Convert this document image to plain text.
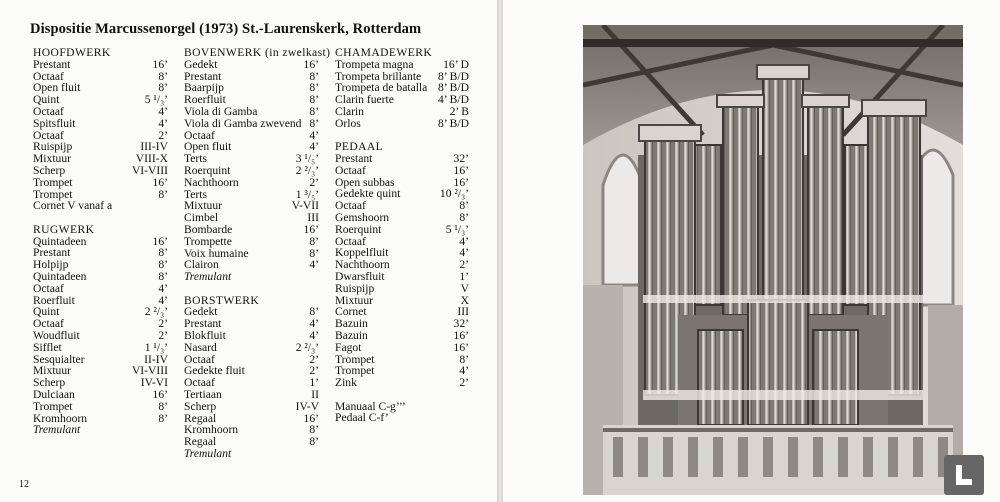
Dispositie Marcussenorgel (1973) St.-Laurenskerk, Rotterdam
HOOFDWERK
Prestant	16’
Octaaf	8’
Open fluit	8’
Quint	5 ¹/₃’
Octaaf	4’
Spitsfluit	4’
Octaaf	2’
Ruispijp	III-IV
Mixtuur	VIII-X
Scherp	VI-VIII
Trompet	16’
Trompet	8’
Cornet V vanaf a
RUGWERK
Quintadeen	16’
Prestant	8’
Holpijp	8’
Quintadeen	8’
Octaaf	4’
Roerfluit	4’
Quint	2 ²/₃’
Octaaf	2’
Woudfluit	2’
Sifflet	1 ¹/₃’
Sesquialter	II-IV
Mixtuur	VI-VIII
Scherp	IV-VI
Dulciaan	16’
Trompet	8’
Kromhoorn	8’
Tremulant
BOVENWERK (in zwelkast)
Gedekt	16’
Prestant	8’
Baarpijp	8’
Roerfluit	8’
Viola di Gamba	8’
Viola di Gamba zwevend 8’
Octaaf	4’
Open fluit	4’
Terts	3 ¹/₅’
Roerquint	2 ²/₃’
Nachthoorn	2’
Terts	1 ³/₅’
Mixtuur	V-VII
Cimbel	III
Bombarde	16’
Trompette	8’
Voix humaine	8’
Clairon	4’
Tremulant
BORSTWERK
Gedekt	8’
Prestant	4’
Blokfluit	4’
Nasard	2 ²/₃’
Octaaf	2’
Gedekte fluit	2’
Octaaf	1’
Tertiaan	II
Scherp	IV-V
Regaal	16’
Kromhoorn	8’
Regaal	8’
Tremulant
CHAMADEWERK
Trompeta magna	16’ D
Trompeta brillante 8’ B/D
Trompeta de batalla 8’ B/D
Clarin fuerte	4’ B/D
Clarin	2’ B
Orlos	8’ B/D
PEDAAL
Prestant	32’
Octaaf	16’
Open subbas	16’
Gedekte quint	10 ²/₃’
Octaaf	8’
Gemshoorn	8’
Roerquint	5 ¹/₃’
Octaaf	4’
Koppelfluit	4’
Nachthoorn	2’
Dwarsfluit	1’
Ruispijp	V
Mixtuur	X
Cornet	III
Bazuin	32’
Bazuin	16’
Fagot	16’
Trompet	8’
Trompet	4’
Zink	2’
Manuaal C-g’’’
Pedaal C-f’
12
